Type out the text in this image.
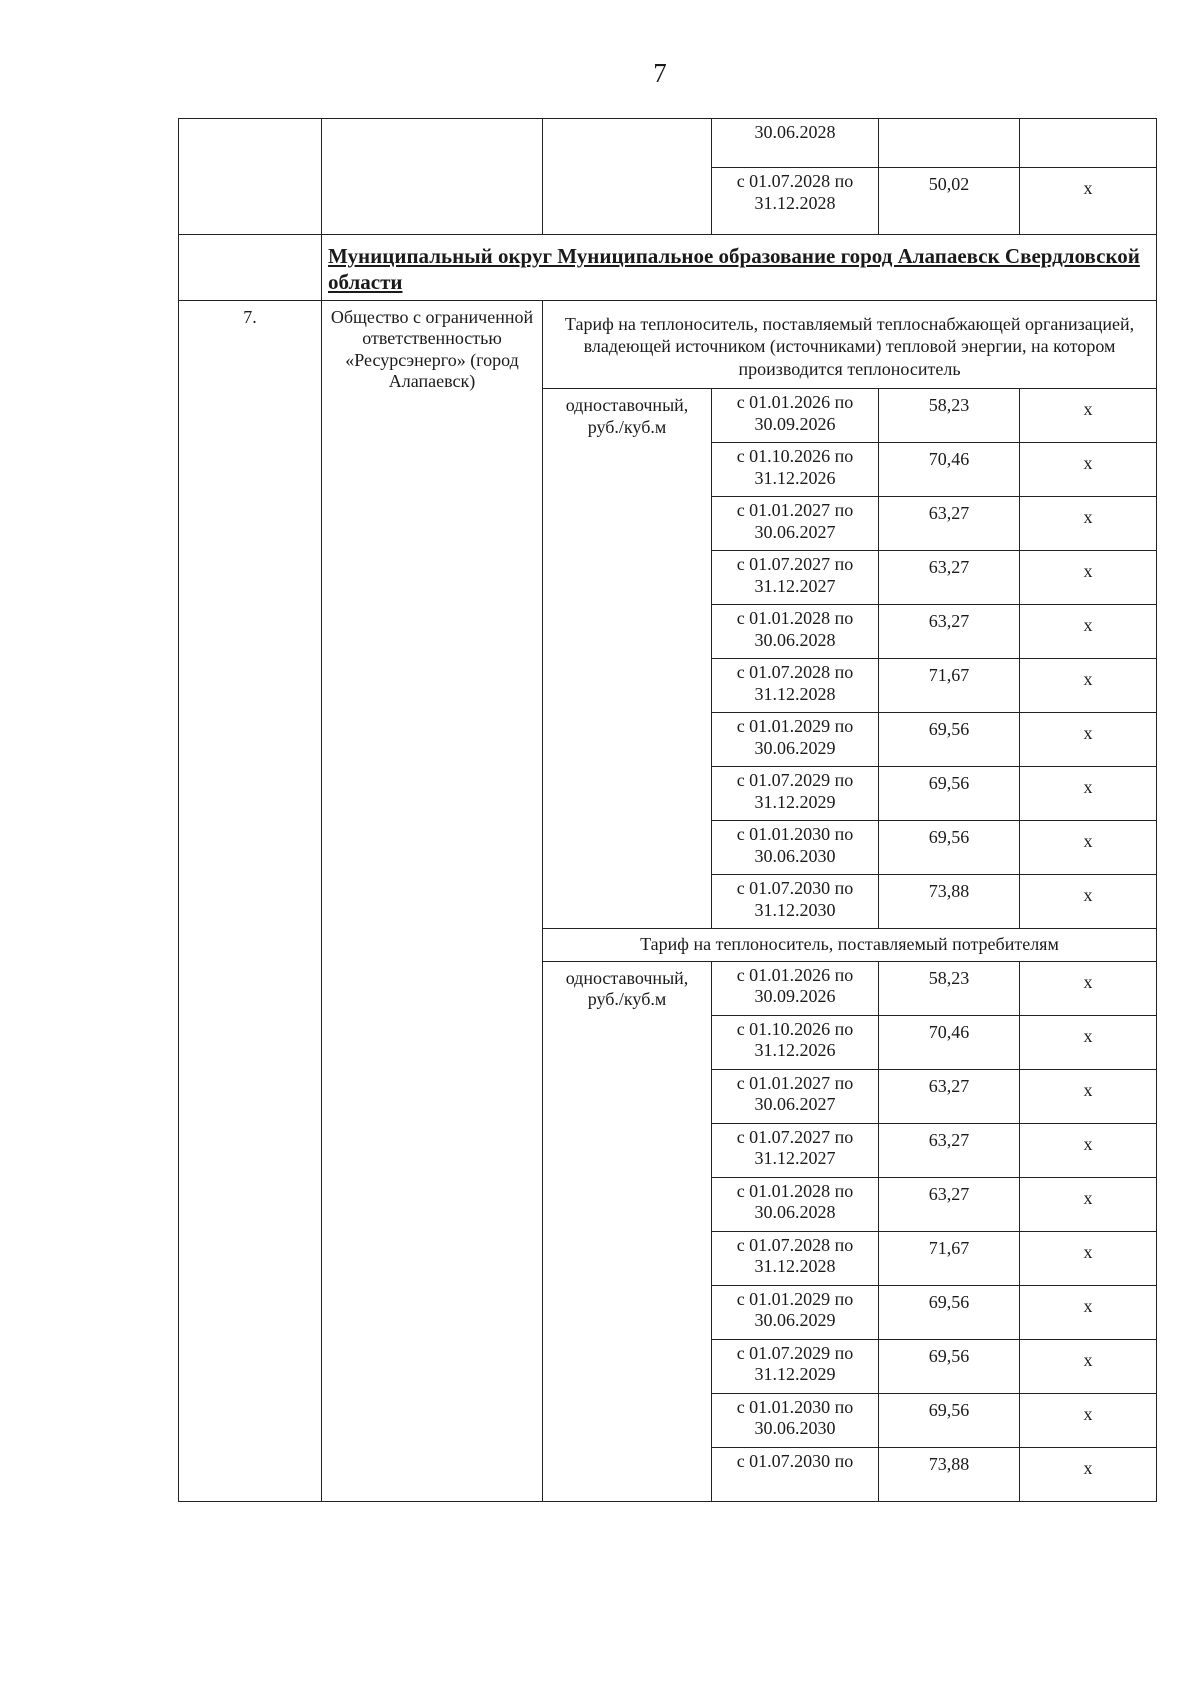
7
			30.06.2028		
			с 01.07.2028 по 31.12.2028	50,02	х
	Муниципальный округ Муниципальное образование город Алапаевск Свердловской области				
7.	Общество с ограниченной ответственностью «Ресурсэнерго» (город Алапаевск)	Тариф на теплоноситель, поставляемый теплоснабжающей организацией, владеющей источником (источниками) тепловой энергии, на котором производится теплоноситель			
		одноставочный, руб./куб.м	с 01.01.2026 по 30.09.2026	58,23	х
			с 01.10.2026 по 31.12.2026	70,46	х
			с 01.01.2027 по 30.06.2027	63,27	х
			с 01.07.2027 по 31.12.2027	63,27	х
			с 01.01.2028 по 30.06.2028	63,27	х
			с 01.07.2028 по 31.12.2028	71,67	х
			с 01.01.2029 по 30.06.2029	69,56	х
			с 01.07.2029 по 31.12.2029	69,56	х
			с 01.01.2030 по 30.06.2030	69,56	х
			с 01.07.2030 по 31.12.2030	73,88	х
		Тариф на теплоноситель, поставляемый потребителям			
		одноставочный, руб./куб.м	с 01.01.2026 по 30.09.2026	58,23	х
			с 01.10.2026 по 31.12.2026	70,46	х
			с 01.01.2027 по 30.06.2027	63,27	х
			с 01.07.2027 по 31.12.2027	63,27	х
			с 01.01.2028 по 30.06.2028	63,27	х
			с 01.07.2028 по 31.12.2028	71,67	х
			с 01.01.2029 по 30.06.2029	69,56	х
			с 01.07.2029 по 31.12.2029	69,56	х
			с 01.01.2030 по 30.06.2030	69,56	х
			с 01.07.2030 по	73,88	х
